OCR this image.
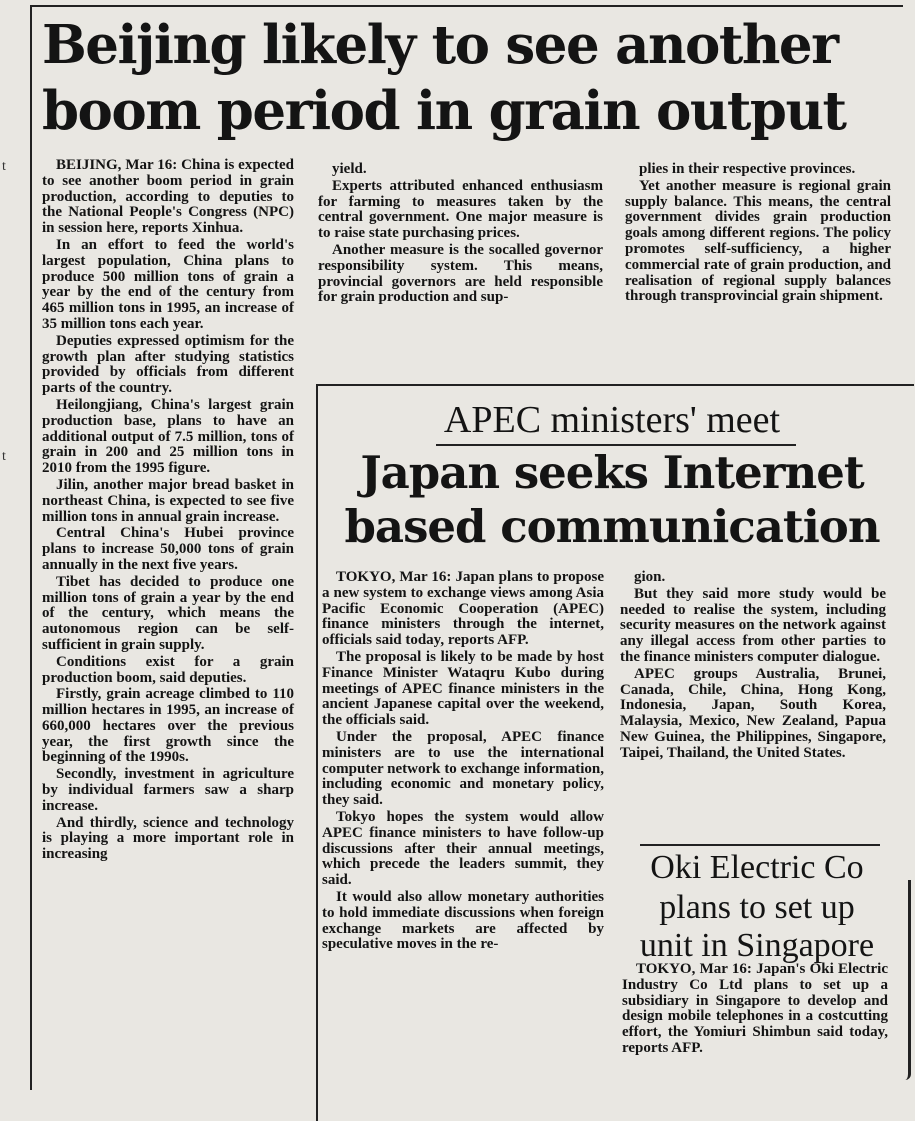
t
t
Beijing likely to see another
boom period in grain output

BEIJING, Mar 16: China is expected to see another boom period in grain production, according to deputies to the National People's Congress (NPC) in session here, reports Xinhua.

In an effort to feed the world's largest population, China plans to produce 500 million tons of grain a year by the end of the century from 465 million tons in 1995, an increase of 35 million tons each year.

Deputies expressed optimism for the growth plan after studying statistics provided by officials from different parts of the country.

Heilongjiang, China's largest grain production base, plans to have an additional output of 7.5 million, tons of grain in 200 and 25 million tons in 2010 from the 1995 figure.

Jilin, another major bread basket in northeast China, is expected to see five million tons in annual grain increase.

Central China's Hubei province plans to increase 50,000 tons of grain annually in the next five years.

Tibet has decided to produce one million tons of grain a year by the end of the century, which means the autonomous region can be self-sufficient in grain supply.

Conditions exist for a grain production boom, said deputies.

Firstly, grain acreage climbed to 110 million hectares in 1995, an increase of 660,000 hectares over the previous year, the first growth since the beginning of the 1990s.

Secondly, investment in agriculture by individual farmers saw a sharp increase.

And thirdly, science and technology is playing a more important role in increasing

yield.

Experts attributed enhanced enthusiasm for farming to measures taken by the central government. One major measure is to raise state purchasing prices.

Another measure is the socalled governor responsibility system. This means, provincial governors are held responsible for grain production and sup-

plies in their respective provinces.

Yet another measure is regional grain supply balance. This means, the central government divides grain production goals among different regions. The policy promotes self-sufficiency, a higher commercial rate of grain production, and realisation of regional supply balances through transprovincial grain shipment.

APEC ministers' meet
Japan seeks Internet
based communication

TOKYO, Mar 16: Japan plans to propose a new system to exchange views among Asia Pacific Economic Cooperation (APEC) finance ministers through the internet, officials said today, reports AFP.

The proposal is likely to be made by host Finance Minister Wataqru Kubo during meetings of APEC finance ministers in the ancient Japanese capital over the weekend, the officials said.

Under the proposal, APEC finance ministers are to use the international computer network to exchange information, including economic and monetary policy, they said.

Tokyo hopes the system would allow APEC finance ministers to have follow-up discussions after their annual meetings, which precede the leaders summit, they said.

It would also allow monetary authorities to hold immediate discussions when foreign exchange markets are affected by speculative moves in the re-

gion.

But they said more study would be needed to realise the system, including security measures on the network against any illegal access from other parties to the finance ministers computer dialogue.

APEC groups Australia, Brunei, Canada, Chile, China, Hong Kong, Indonesia, Japan, South Korea, Malaysia, Mexico, New Zealand, Papua New Guinea, the Philippines, Singapore, Taipei, Thailand, the United States.

Oki Electric Co
plans to set up
unit in Singapore

TOKYO, Mar 16: Japan's Oki Electric Industry Co Ltd plans to set up a subsidiary in Singapore to develop and design mobile telephones in a costcutting effort, the Yomiuri Shimbun said today, reports AFP.
